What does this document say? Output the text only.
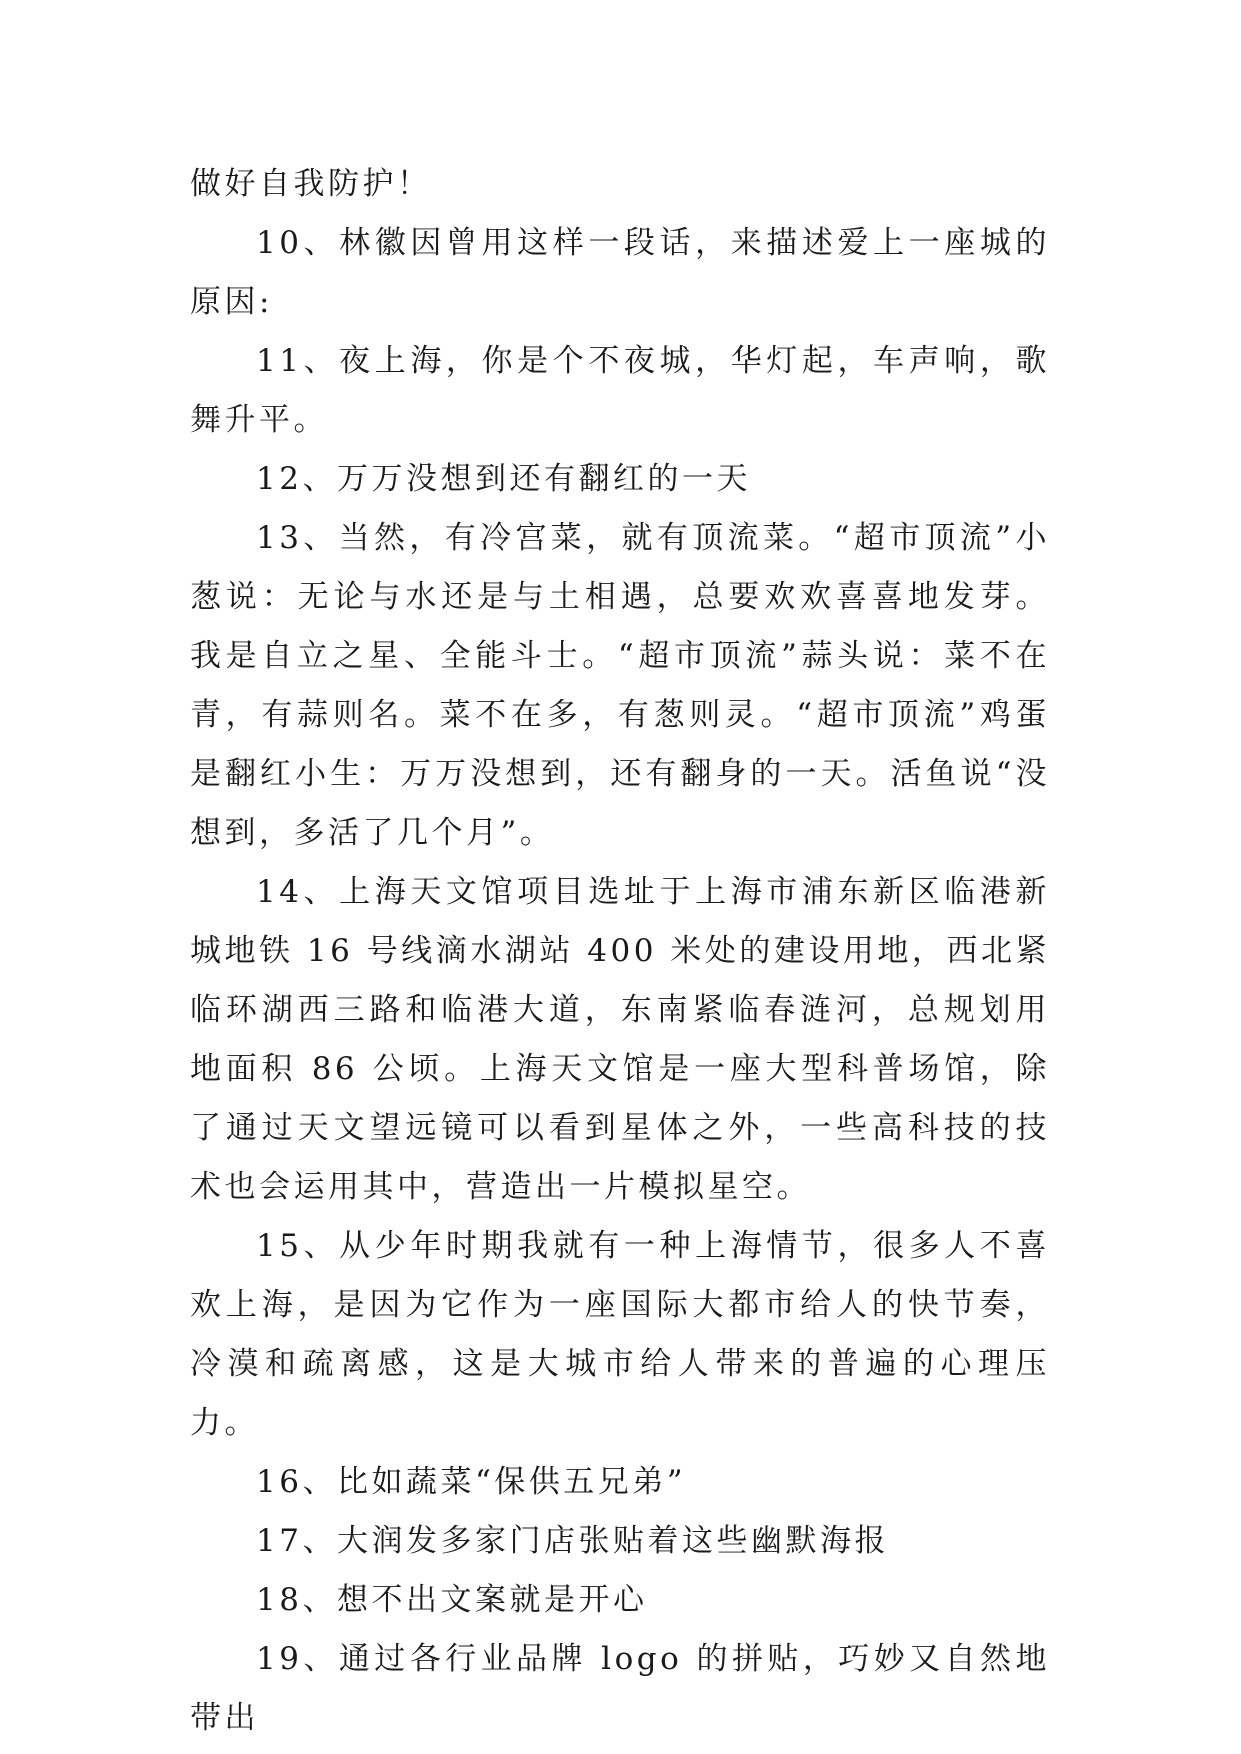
做好自我防护！

10、林徽因曾用这样一段话，来描述爱上一座城的原因:

11、夜上海，你是个不夜城，华灯起，车声响，歌舞升平。

12、万万没想到还有翻红的一天

13、当然，有冷宫菜，就有顶流菜。“超市顶流”小葱说：无论与水还是与土相遇，总要欢欢喜喜地发芽。我是自立之星、全能斗士。“超市顶流”蒜头说：菜不在青，有蒜则名。菜不在多，有葱则灵。“超市顶流”鸡蛋是翻红小生：万万没想到，还有翻身的一天。活鱼说“没想到，多活了几个月”。

14、上海天文馆项目选址于上海市浦东新区临港新城地铁 16 号线滴水湖站 400 米处的建设用地，西北紧临环湖西三路和临港大道，东南紧临春涟河，总规划用地面积 86 公顷。上海天文馆是一座大型科普场馆，除了通过天文望远镜可以看到星体之外，一些高科技的技术也会运用其中，营造出一片模拟星空。

15、从少年时期我就有一种上海情节，很多人不喜欢上海，是因为它作为一座国际大都市给人的快节奏，冷漠和疏离感，这是大城市给人带来的普遍的心理压力。

16、比如蔬菜“保供五兄弟”

17、大润发多家门店张贴着这些幽默海报

18、想不出文案就是开心

19、通过各行业品牌 logo 的拼贴，巧妙又自然地带出
